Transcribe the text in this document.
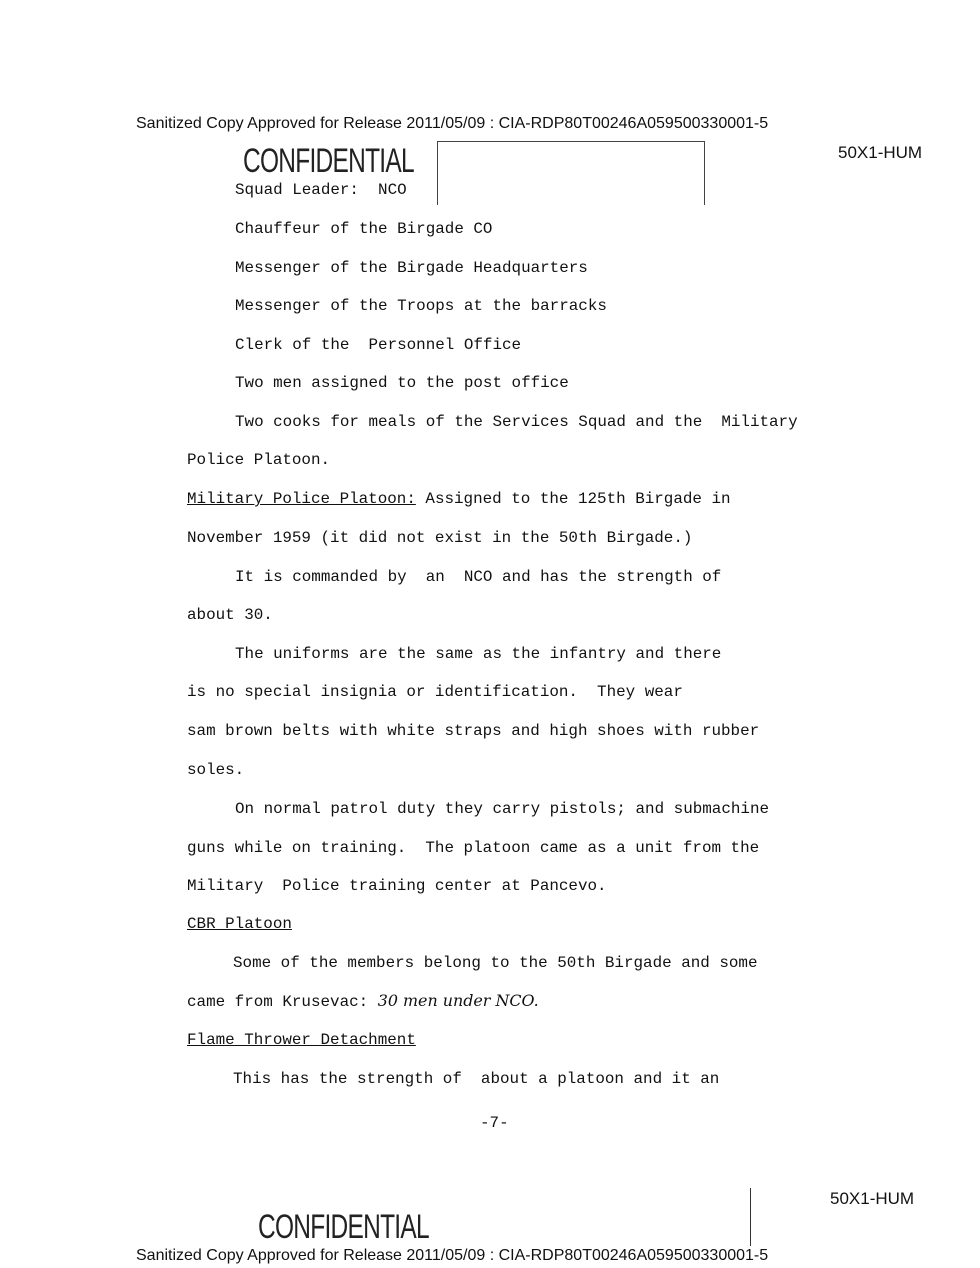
Sanitized Copy Approved for Release 2011/05/09 : CIA-RDP80T00246A059500330001-5
50X1-HUM
CONFIDENTIAL
Squad Leader:  NCO
Chauffeur of the Birgade CO
Messenger of the Birgade Headquarters
Messenger of the Troops at the barracks
Clerk of the  Personnel Office
Two men assigned to the post office
Two cooks for meals of the Services Squad and the  Military
Police Platoon.
Military Police Platoon: Assigned to the 125th Birgade in
November 1959 (it did not exist in the 50th Birgade.)
It is commanded by  an  NCO and has the strength of
about 30.
The uniforms are the same as the infantry and there
is no special insignia or identification.  They wear
sam brown belts with white straps and high shoes with rubber
soles.
On normal patrol duty they carry pistols; and submachine
guns while on training.  The platoon came as a unit from the
Military  Police training center at Pancevo.
CBR Platoon
Some of the members belong to the 50th Birgade and some
came from Krusevac: 30 men under NCO.
Flame Thrower Detachment
This has the strength of  about a platoon and it an
-7-
50X1-HUM
CONFIDENTIAL
Sanitized Copy Approved for Release 2011/05/09 : CIA-RDP80T00246A059500330001-5
